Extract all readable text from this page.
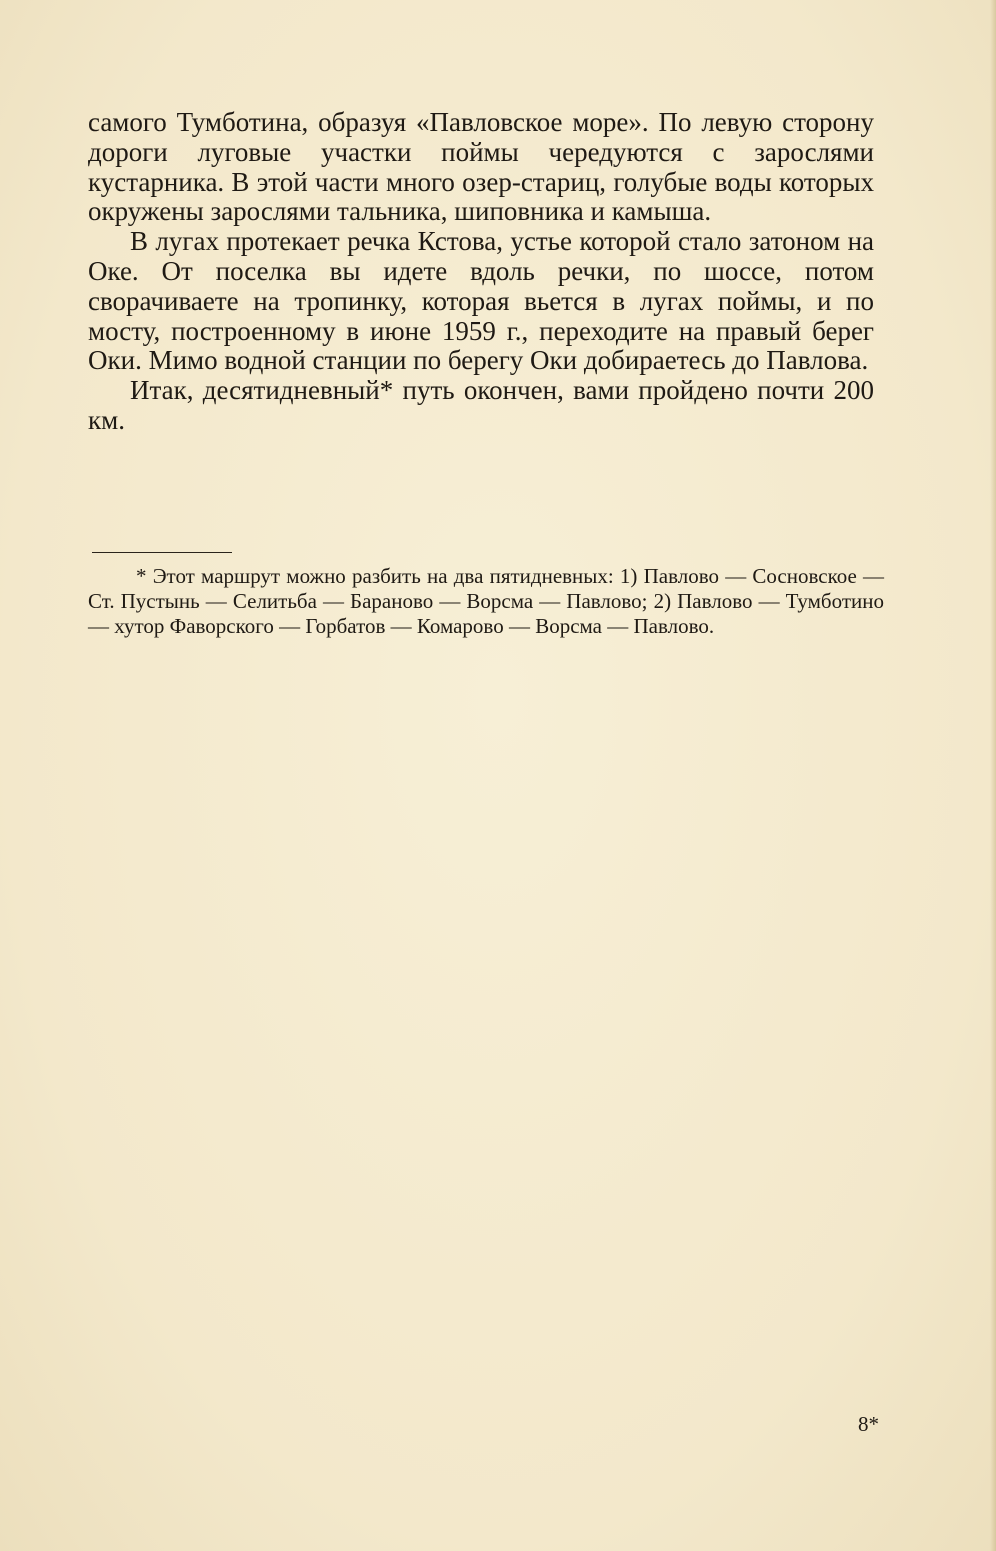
самого Тумботина, образуя «Павловское море». По левую сторону дороги луговые участки поймы чередуются с зарослями кустарника. В этой части много озер-стариц, голубые воды которых окружены зарослями тальника, шиповника и камыша.

В лугах протекает речка Кстова, устье которой стало затоном на Оке. От поселка вы идете вдоль речки, по шоссе, потом сворачиваете на тропинку, которая вьется в лугах поймы, и по мосту, построенному в июне 1959 г., переходите на правый берег Оки. Мимо водной станции по берегу Оки добираетесь до Павлова.

Итак, десятидневный* путь окончен, вами пройдено почти 200 км.

* Этот маршрут можно разбить на два пятидневных: 1) Павлово — Сосновское — Ст. Пустынь — Селитьба — Бараново — Ворсма — Павлово; 2) Павлово — Тумботино — хутор Фаворского — Горбатов — Комарово — Ворсма — Павлово.

8*
